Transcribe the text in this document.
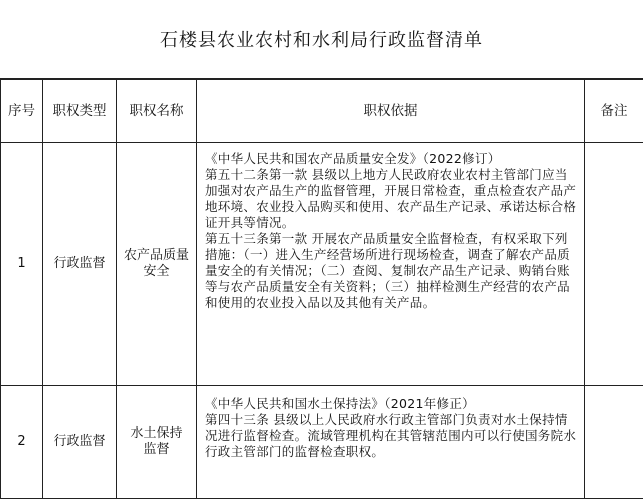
石楼县农业农村和水利局行政监督清单
序号	职权类型	职权名称	职权依据	备注
1	行政监督	农产品质量安全	《中华人民共和国农产品质量安全发》（2022修订）

第五十二条第一款 县级以上地方人民政府农业农村主管部门应当加强对农产品生产的监督管理，开展日常检查，重点检查农产品产地环境、农业投入品购买和使用、农产品生产记录、承诺达标合格证开具等情况。

第五十三条第一款 开展农产品质量安全监督检查，有权采取下列措施：（一）进入生产经营场所进行现场检查，调查了解农产品质量安全的有关情况；（二）查阅、复制农产品生产记录、购销台账等与农产品质量安全有关资料；（三）抽样检测生产经营的农产品和使用的农业投入品以及其他有关产品。	

2	行政监督	水土保持监督	《中华人民共和国水土保持法》（2021年修正）

第四十三条 县级以上人民政府水行政主管部门负责对水土保持情况进行监督检查。流域管理机构在其管辖范围内可以行使国务院水行政主管部门的监督检查职权。	
